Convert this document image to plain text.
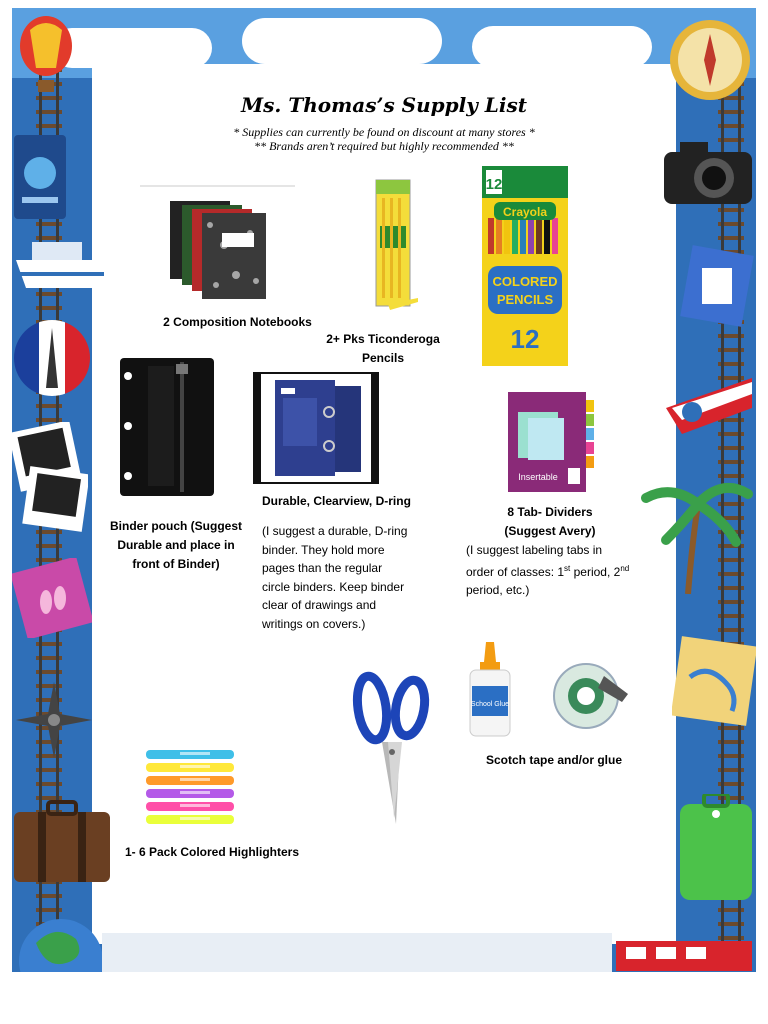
Ms. Thomas’s Supply List
* Supplies can currently be found on discount at many stores *
** Brands aren’t required but highly recommended **
2 Composition Notebooks
2+ Pks Ticonderoga
Pencils
12
Crayola
COLORED
PENCILS
12
Binder pouch (Suggest
Durable and place in
front of Binder)
Durable, Clearview, D-ring
(I suggest a durable, D-ring
binder. They hold more
pages than the regular
circle binders. Keep binder
clear of drawings and
writings on covers.)
Insertable
8 Tab- Dividers
(Suggest Avery)
(I suggest labeling tabs in
order of classes: 1st period, 2nd
period, etc.)
School Glue
Scotch tape and/or glue
1- 6 Pack Colored Highlighters
